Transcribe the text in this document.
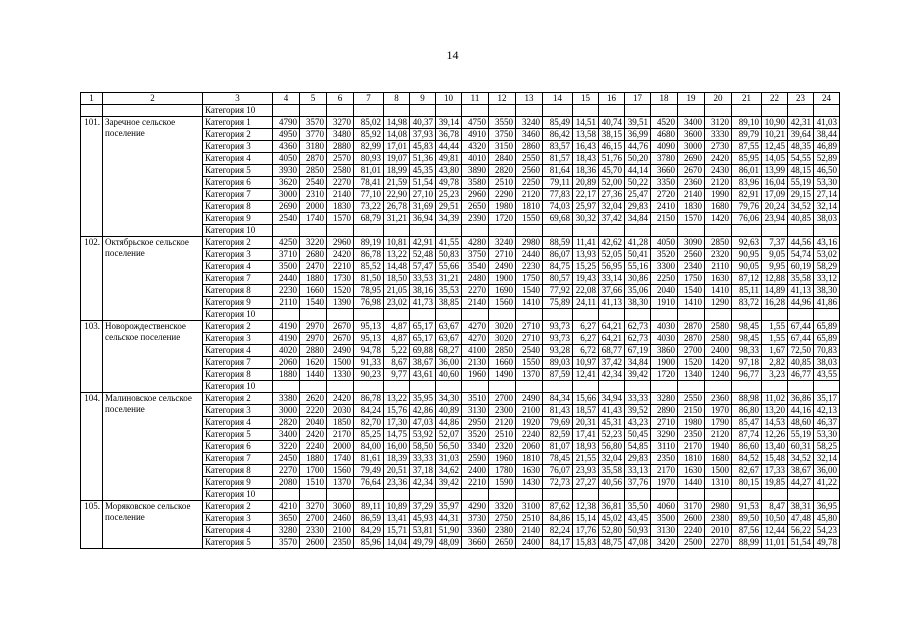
14
1	2	3	4	5	6	7	8	9	10	11	12	13	14	15	16	17	18	19	20	21	22	23	24
		Категория 10																					
101.	Заречное сельское поселение	Категория 1	4790	3570	3270	85,02	14,98	40,37	39,14	4750	3550	3240	85,49	14,51	40,74	39,51	4520	3400	3120	89,10	10,90	42,31	41,03
		Категория 2	4950	3770	3480	85,92	14,08	37,93	36,78	4910	3750	3460	86,42	13,58	38,15	36,99	4680	3600	3330	89,79	10,21	39,64	38,44
		Категория 3	4360	3180	2880	82,99	17,01	45,83	44,44	4320	3150	2860	83,57	16,43	46,15	44,76	4090	3000	2730	87,55	12,45	48,35	46,89
		Категория 4	4050	2870	2570	80,93	19,07	51,36	49,81	4010	2840	2550	81,57	18,43	51,76	50,20	3780	2690	2420	85,95	14,05	54,55	52,89
		Категория 5	3930	2850	2580	81,01	18,99	45,35	43,80	3890	2820	2560	81,64	18,36	45,70	44,14	3660	2670	2430	86,01	13,99	48,15	46,50
		Категория 6	3620	2540	2270	78,41	21,59	51,54	49,78	3580	2510	2250	79,11	20,89	52,00	50,22	3350	2360	2120	83,96	16,04	55,19	53,30
		Категория 7	3000	2310	2140	77,10	22,90	27,10	25,23	2960	2290	2120	77,83	22,17	27,36	25,47	2720	2140	1990	82,91	17,09	29,15	27,14
		Категория 8	2690	2000	1830	73,22	26,78	31,69	29,51	2650	1980	1810	74,03	25,97	32,04	29,83	2410	1830	1680	79,76	20,24	34,52	32,14
		Категория 9	2540	1740	1570	68,79	31,21	36,94	34,39	2390	1720	1550	69,68	30,32	37,42	34,84	2150	1570	1420	76,06	23,94	40,85	38,03
		Категория 10																					
102.	Октябрьское сельское поселение	Категория 2	4250	3220	2960	89,19	10,81	42,91	41,55	4280	3240	2980	88,59	11,41	42,62	41,28	4050	3090	2850	92,63	7,37	44,56	43,16
		Категория 3	3710	2680	2420	86,78	13,22	52,48	50,83	3750	2710	2440	86,07	13,93	52,05	50,41	3520	2560	2320	90,95	9,05	54,74	53,02
		Категория 4	3500	2470	2210	85,52	14,48	57,47	55,66	3540	2490	2230	84,75	15,25	56,95	55,16	3300	2340	2110	90,05	9,95	60,19	58,29
		Категория 7	2440	1880	1730	81,50	18,50	33,53	31,21	2480	1900	1750	80,57	19,43	33,14	30,86	2250	1750	1630	87,12	12,88	35,58	33,12
		Категория 8	2230	1660	1520	78,95	21,05	38,16	35,53	2270	1690	1540	77,92	22,08	37,66	35,06	2040	1540	1410	85,11	14,89	41,13	38,30
		Категория 9	2110	1540	1390	76,98	23,02	41,73	38,85	2140	1560	1410	75,89	24,11	41,13	38,30	1910	1410	1290	83,72	16,28	44,96	41,86
		Категория 10																					
103.	Новорождественское сельское поселение	Категория 2	4190	2970	2670	95,13	4,87	65,17	63,67	4270	3020	2710	93,73	6,27	64,21	62,73	4030	2870	2580	98,45	1,55	67,44	65,89
		Категория 3	4190	2970	2670	95,13	4,87	65,17	63,67	4270	3020	2710	93,73	6,27	64,21	62,73	4030	2870	2580	98,45	1,55	67,44	65,89
		Категория 4	4020	2880	2490	94,78	5,22	69,88	68,27	4100	2850	2540	93,28	6,72	68,77	67,19	3860	2700	2400	98,33	1,67	72,50	70,83
		Категория 7	2060	1620	1500	91,33	8,67	38,67	36,00	2130	1660	1550	89,03	10,97	37,42	34,84	1900	1520	1420	97,18	2,82	40,85	38,03
		Категория 8	1880	1440	1330	90,23	9,77	43,61	40,60	1960	1490	1370	87,59	12,41	42,34	39,42	1720	1340	1240	96,77	3,23	46,77	43,55
		Категория 10																					
104.	Малиновское сельское поселение	Категория 2	3380	2620	2420	86,78	13,22	35,95	34,30	3510	2700	2490	84,34	15,66	34,94	33,33	3280	2550	2360	88,98	11,02	36,86	35,17
		Категория 3	3000	2220	2030	84,24	15,76	42,86	40,89	3130	2300	2100	81,43	18,57	41,43	39,52	2890	2150	1970	86,80	13,20	44,16	42,13
		Категория 4	2820	2040	1850	82,70	17,30	47,03	44,86	2950	2120	1920	79,69	20,31	45,31	43,23	2710	1980	1790	85,47	14,53	48,60	46,37
		Категория 5	3400	2420	2170	85,25	14,75	53,92	52,07	3520	2510	2240	82,59	17,41	52,23	50,45	3290	2350	2120	87,74	12,26	55,19	53,30
		Категория 6	3220	2240	2000	84,00	16,00	58,50	56,50	3340	2320	2060	81,07	18,93	56,80	54,85	3110	2170	1940	86,60	13,40	60,31	58,25
		Категория 7	2450	1880	1740	81,61	18,39	33,33	31,03	2590	1960	1810	78,45	21,55	32,04	29,83	2350	1810	1680	84,52	15,48	34,52	32,14
		Категория 8	2270	1700	1560	79,49	20,51	37,18	34,62	2400	1780	1630	76,07	23,93	35,58	33,13	2170	1630	1500	82,67	17,33	38,67	36,00
		Категория 9	2080	1510	1370	76,64	23,36	42,34	39,42	2210	1590	1430	72,73	27,27	40,56	37,76	1970	1440	1310	80,15	19,85	44,27	41,22
		Категория 10																					
105.	Моряковское сельское поселение	Категория 2	4210	3270	3060	89,11	10,89	37,29	35,97	4290	3320	3100	87,62	12,38	36,81	35,50	4060	3170	2980	91,53	8,47	38,31	36,95
		Категория 3	3650	2700	2460	86,59	13,41	45,93	44,31	3730	2750	2510	84,86	15,14	45,02	43,45	3500	2600	2380	89,50	10,50	47,48	45,80
		Категория 4	3280	2330	2100	84,29	15,71	53,81	51,90	3360	2380	2140	82,24	17,76	52,80	50,93	3130	2240	2010	87,56	12,44	56,22	54,23
		Категория 5	3570	2600	2350	85,96	14,04	49,79	48,09	3660	2650	2400	84,17	15,83	48,75	47,08	3420	2500	2270	88,99	11,01	51,54	49,78
